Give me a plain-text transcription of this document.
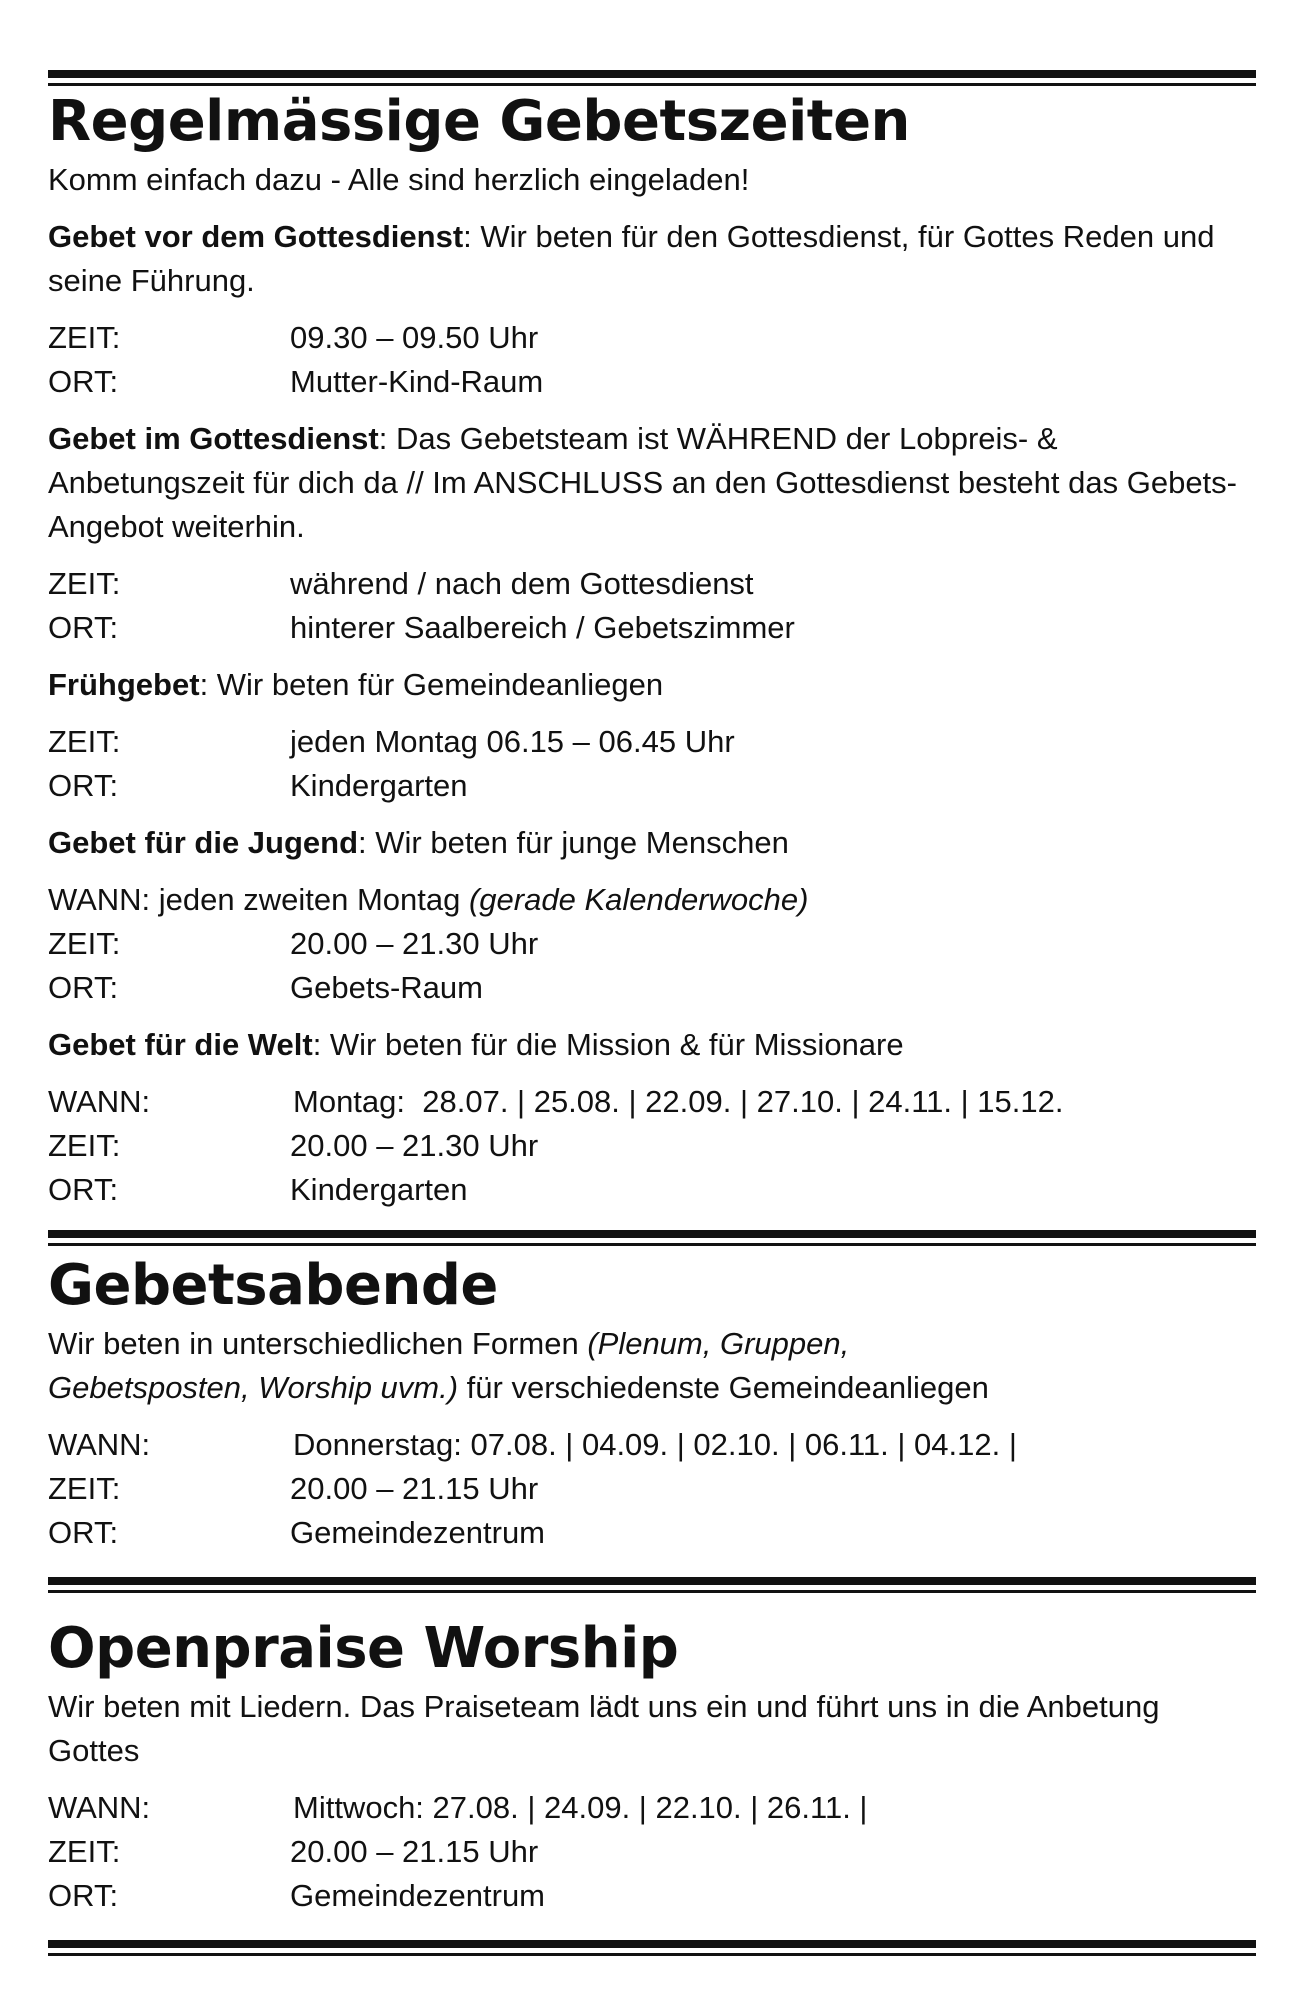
Regelmässige Gebetszeiten
Komm einfach dazu - Alle sind herzlich eingeladen!

Gebet vor dem Gottesdienst: Wir beten für den Gottesdienst, für Gottes Reden und seine Führung.

ZEIT:	09.30 – 09.50 Uhr
ORT:	Mutter-Kind-Raum

Gebet im Gottesdienst: Das Gebetsteam ist WÄHREND der Lobpreis- & Anbetungszeit für dich da // Im ANSCHLUSS an den Gottesdienst besteht das Gebets-Angebot weiterhin.

ZEIT:	während / nach dem Gottesdienst
ORT:	hinterer Saalbereich / Gebetszimmer

Frühgebet: Wir beten für Gemeindeanliegen

ZEIT:	jeden Montag 06.15 – 06.45 Uhr
ORT:	Kindergarten

Gebet für die Jugend: Wir beten für junge Menschen

WANN: jeden zweiten Montag (gerade Kalenderwoche)
ZEIT:	20.00 – 21.30 Uhr
ORT:	Gebets-Raum

Gebet für die Welt: Wir beten für die Mission & für Missionare

WANN:	Montag:  28.07. | 25.08. | 22.09. | 27.10. | 24.11. | 15.12.
ZEIT:	20.00 – 21.30 Uhr
ORT:	Kindergarten
Gebetsabende

Wir beten in unterschiedlichen Formen (Plenum, Gruppen, Gebetsposten, Worship uvm.) für verschiedenste Gemeindeanliegen

WANN:	Donnerstag: 07.08. | 04.09. | 02.10. | 06.11. | 04.12. |
ZEIT:	20.00 – 21.15 Uhr
ORT:	Gemeindezentrum
Openpraise Worship

Wir beten mit Liedern. Das Praiseteam lädt uns ein und führt uns in die Anbetung Gottes

WANN:	Mittwoch: 27.08. | 24.09. | 22.10. | 26.11. |
ZEIT:	20.00 – 21.15 Uhr
ORT:	Gemeindezentrum
